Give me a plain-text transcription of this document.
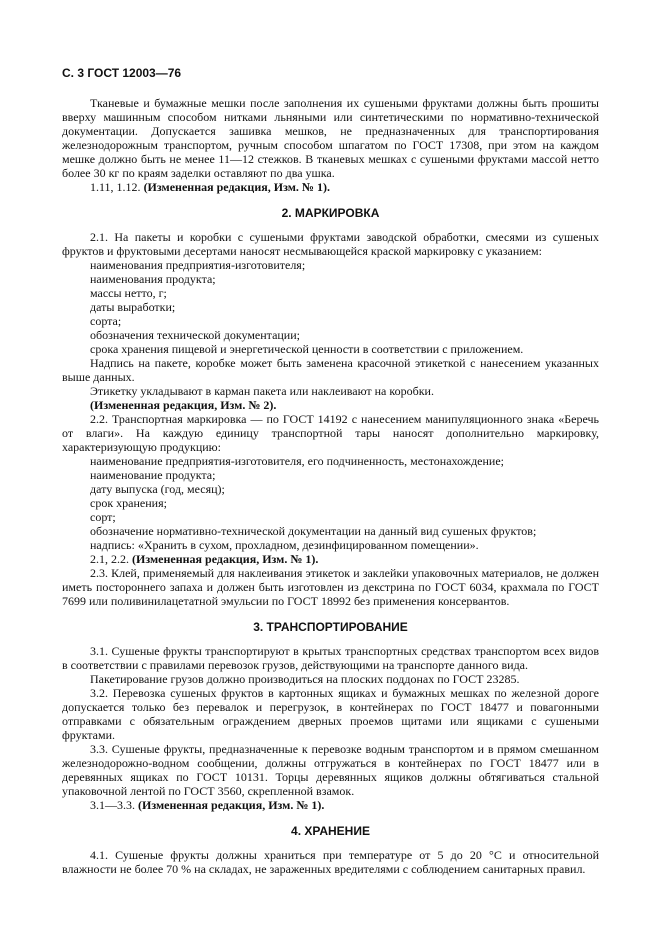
С. 3 ГОСТ 12003—76

Тканевые и бумажные мешки после заполнения их сушеными фруктами должны быть прошиты вверху машинным способом нитками льняными или синтетическими по нормативно-технической документации. Допускается зашивка мешков, не предназначенных для транспортирования железнодорожным транспортом, ручным способом шпагатом по ГОСТ 17308, при этом на каждом мешке должно быть не менее 11—12 стежков. В тканевых мешках с сушеными фруктами массой нетто более 30 кг по краям заделки оставляют по два ушка.

1.11, 1.12. (Измененная редакция, Изм. № 1).

2. МАРКИРОВКА

2.1. На пакеты и коробки с сушеными фруктами заводской обработки, смесями из сушеных фруктов и фруктовыми десертами наносят несмывающейся краской маркировку с указанием:

наименования предприятия-изготовителя;

наименования продукта;

массы нетто, г;

даты выработки;

сорта;

обозначения технической документации;

срока хранения пищевой и энергетической ценности в соответствии с приложением.

Надпись на пакете, коробке может быть заменена красочной этикеткой с нанесением указанных выше данных.

Этикетку укладывают в карман пакета или наклеивают на коробки.

(Измененная редакция, Изм. № 2).

2.2. Транспортная маркировка — по ГОСТ 14192 с нанесением манипуляционного знака «Беречь от влаги». На каждую единицу транспортной тары наносят дополнительно маркировку, характеризующую продукцию:

наименование предприятия-изготовителя, его подчиненность, местонахождение;

наименование продукта;

дату выпуска (год, месяц);

срок хранения;

сорт;

обозначение нормативно-технической документации на данный вид сушеных фруктов;

надпись: «Хранить в сухом, прохладном, дезинфицированном помещении».

2.1, 2.2. (Измененная редакция, Изм. № 1).

2.3. Клей, применяемый для наклеивания этикеток и заклейки упаковочных материалов, не должен иметь постороннего запаха и должен быть изготовлен из декстрина по ГОСТ 6034, крахмала по ГОСТ 7699 или поливинилацетатной эмульсии по ГОСТ 18992 без применения консервантов.

3. ТРАНСПОРТИРОВАНИЕ

3.1. Сушеные фрукты транспортируют в крытых транспортных средствах транспортом всех видов в соответствии с правилами перевозок грузов, действующими на транспорте данного вида.

Пакетирование грузов должно производиться на плоских поддонах по ГОСТ 23285.

3.2. Перевозка сушеных фруктов в картонных ящиках и бумажных мешках по железной дороге допускается только без перевалок и перегрузок, в контейнерах по ГОСТ 18477 и повагонными отправками с обязательным ограждением дверных проемов щитами или ящиками с сушеными фруктами.

3.3. Сушеные фрукты, предназначенные к перевозке водным транспортом и в прямом смешанном железнодорожно-водном сообщении, должны отгружаться в контейнерах по ГОСТ 18477 или в деревянных ящиках по ГОСТ 10131. Торцы деревянных ящиков должны обтягиваться стальной упаковочной лентой по ГОСТ 3560, скрепленной взамок.

3.1—3.3. (Измененная редакция, Изм. № 1).

4. ХРАНЕНИЕ

4.1. Сушеные фрукты должны храниться при температуре от 5 до 20 °С и относительной влажности не более 70 % на складах, не зараженных вредителями с соблюдением санитарных правил.
